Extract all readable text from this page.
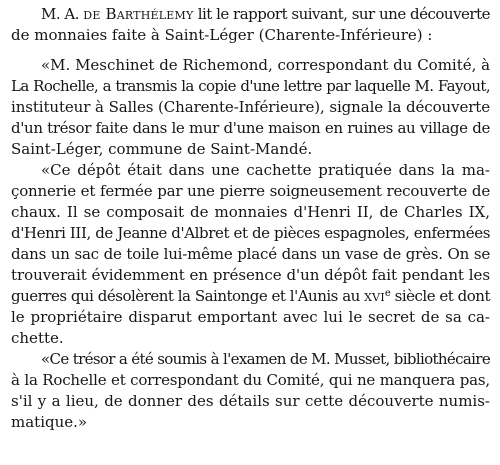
M. A. de Barthélemy lit le rapport suivant, sur une découverte
de monnaies faite à Saint-Léger (Charente-Inférieure) :
«M. Meschinet de Richemond, correspondant du Comité, à
La Rochelle, a transmis la copie d'une lettre par laquelle M. Fayout,
instituteur à Salles (Charente-Inférieure), signale la découverte
d'un trésor faite dans le mur d'une maison en ruines au village de
Saint-Léger, commune de Saint-Mandé.
«Ce dépôt était dans une cachette pratiquée dans la ma-
çonnerie et fermée par une pierre soigneusement recouverte de
chaux. Il se composait de monnaies d'Henri II, de Charles IX,
d'Henri III, de Jeanne d'Albret et de pièces espagnoles, enfermées
dans un sac de toile lui-même placé dans un vase de grès. On se
trouverait évidemment en présence d'un dépôt fait pendant les
guerres qui désolèrent la Saintonge et l'Aunis au xvi$^e$ siècle et dont
le propriétaire disparut emportant avec lui le secret de sa ca-
chette.
«Ce trésor a été soumis à l'examen de M. Musset, bibliothécaire
à la Rochelle et correspondant du Comité, qui ne manquera pas,
s'il y a lieu, de donner des détails sur cette découverte numis-
matique.»
